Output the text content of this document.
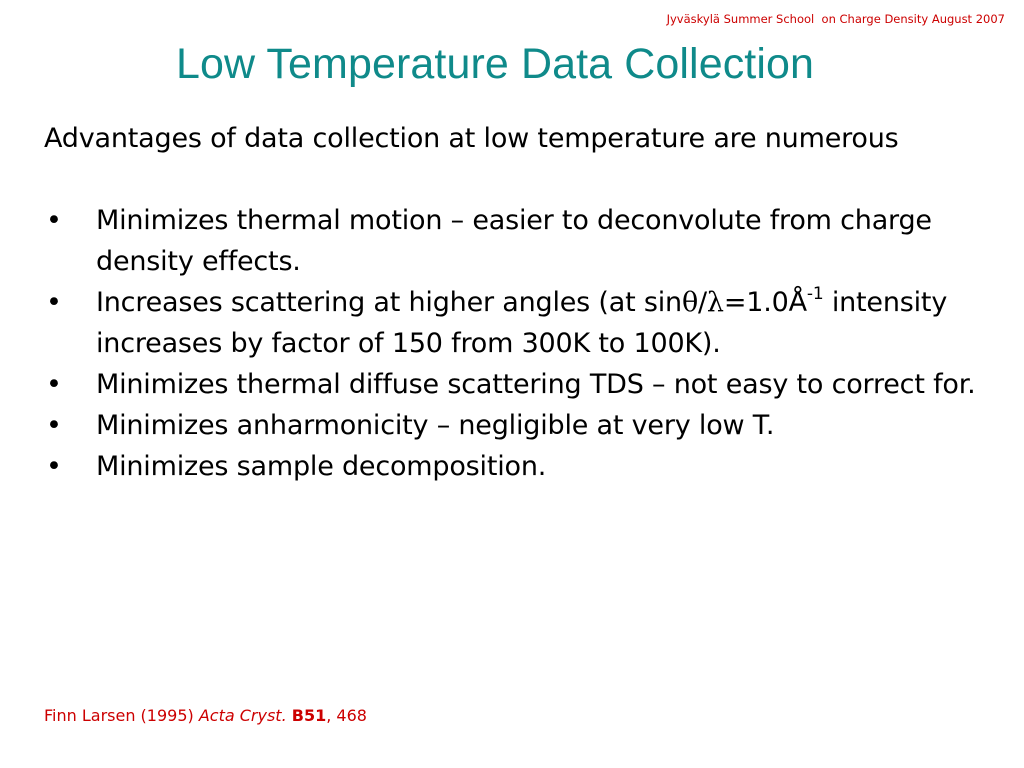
Jyväskylä Summer School  on Charge Density August 2007
Low Temperature Data Collection

Advantages of data collection at low temperature are numerous

• Minimizes thermal motion – easier to deconvolute from charge density effects.
• Increases scattering at higher angles (at sinθ/$\lambda=1.0Å^{-1}$ intensity increases by factor of 150 from 300K to 100K).
• Minimizes thermal diffuse scattering TDS – not easy to correct for.
• Minimizes anharmonicity – negligible at very low T.
• Minimizes sample decomposition.
Finn Larsen (1995) Acta Cryst. B51, 468
